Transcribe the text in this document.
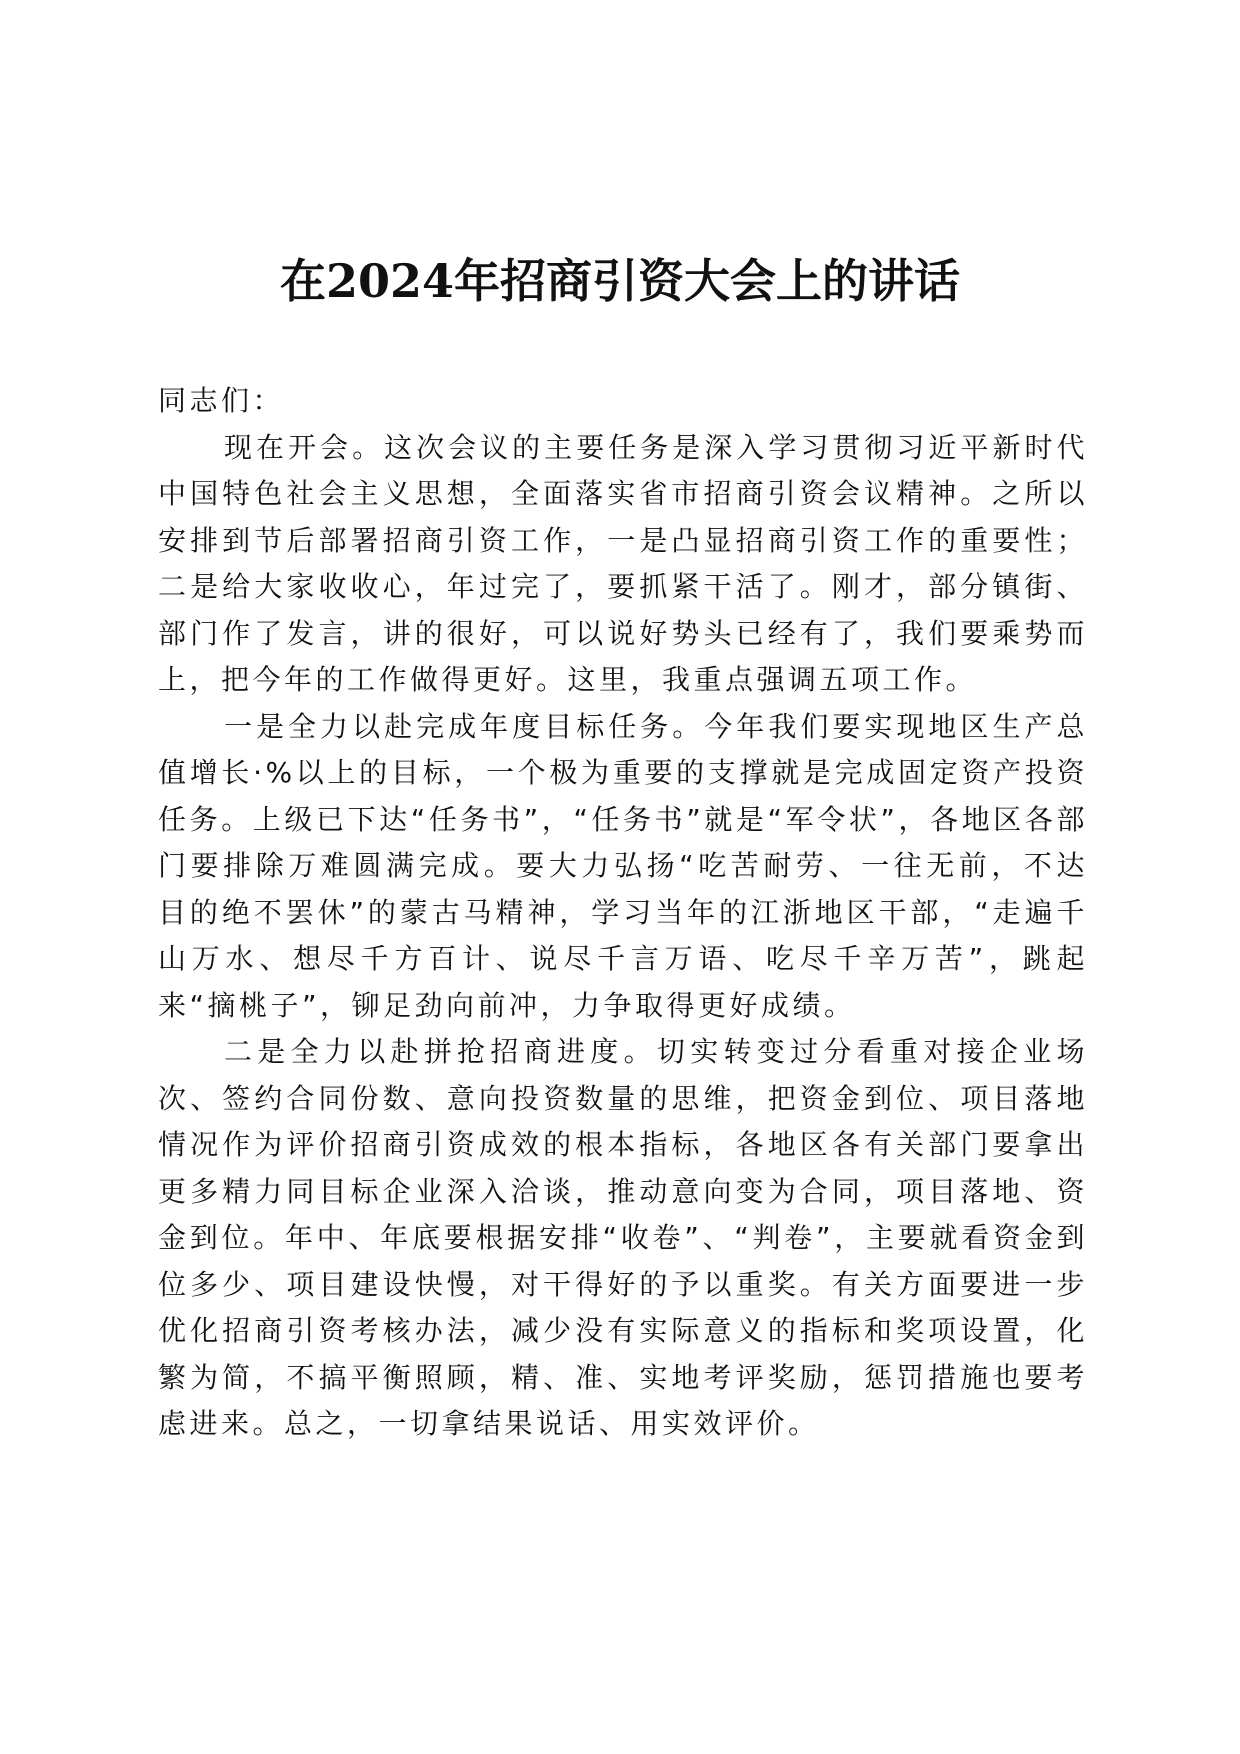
在2024年招商引资大会上的讲话

同志们：

现在开会。这次会议的主要任务是深入学习贯彻习近平新时代中国特色社会主义思想，全面落实省市招商引资会议精神。之所以安排到节后部署招商引资工作，一是凸显招商引资工作的重要性；二是给大家收收心，年过完了，要抓紧干活了。刚才，部分镇街、部门作了发言，讲的很好，可以说好势头已经有了，我们要乘势而上，把今年的工作做得更好。这里，我重点强调五项工作。

一是全力以赴完成年度目标任务。今年我们要实现地区生产总值增长·%以上的目标，一个极为重要的支撑就是完成固定资产投资任务。上级已下达“任务书”，“任务书”就是“军令状”，各地区各部门要排除万难圆满完成。要大力弘扬“吃苦耐劳、一往无前，不达目的绝不罢休”的蒙古马精神，学习当年的江浙地区干部，“走遍千山万水、想尽千方百计、说尽千言万语、吃尽千辛万苦”，跳起来“摘桃子”，铆足劲向前冲，力争取得更好成绩。

二是全力以赴拼抢招商进度。切实转变过分看重对接企业场次、签约合同份数、意向投资数量的思维，把资金到位、项目落地情况作为评价招商引资成效的根本指标，各地区各有关部门要拿出更多精力同目标企业深入洽谈，推动意向变为合同，项目落地、资金到位。年中、年底要根据安排“收卷”、“判卷”，主要就看资金到位多少、项目建设快慢，对干得好的予以重奖。有关方面要进一步优化招商引资考核办法，减少没有实际意义的指标和奖项设置，化繁为简，不搞平衡照顾，精、准、实地考评奖励，惩罚措施也要考虑进来。总之，一切拿结果说话、用实效评价。
